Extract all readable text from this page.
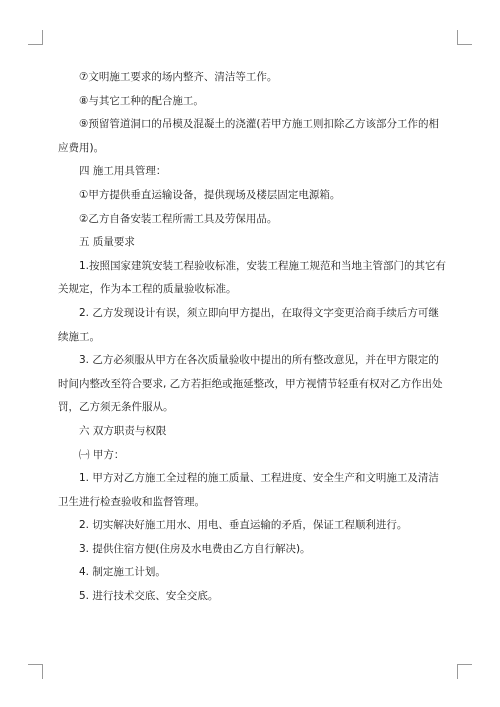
⑦文明施工要求的场内整齐、清洁等工作。

⑧与其它工种的配合施工。

⑨预留管道洞口的吊模及混凝土的浇灌(若甲方施工则扣除乙方该部分工作的相应费用)。

四 施工用具管理：

①甲方提供垂直运输设备，提供现场及楼层固定电源箱。

②乙方自备安装工程所需工具及劳保用品。

五 质量要求

1.按照国家建筑安装工程验收标准，安装工程施工规范和当地主管部门的其它有关规定，作为本工程的质量验收标准。

2. 乙方发现设计有误，须立即向甲方提出，在取得文字变更洽商手续后方可继续施工。

3. 乙方必须服从甲方在各次质量验收中提出的所有整改意见，并在甲方限定的时间内整改至符合要求, 乙方若拒绝或拖延整改，甲方视情节轻重有权对乙方作出处罚，乙方须无条件服从。

六 双方职责与权限

㈠ 甲方：

1. 甲方对乙方施工全过程的施工质量、工程进度、安全生产和文明施工及清洁卫生进行检查验收和监督管理。

2. 切实解决好施工用水、用电、垂直运输的矛盾，保证工程顺利进行。

3. 提供住宿方便(住房及水电费由乙方自行解决)。

4. 制定施工计划。

5. 进行技术交底、安全交底。
